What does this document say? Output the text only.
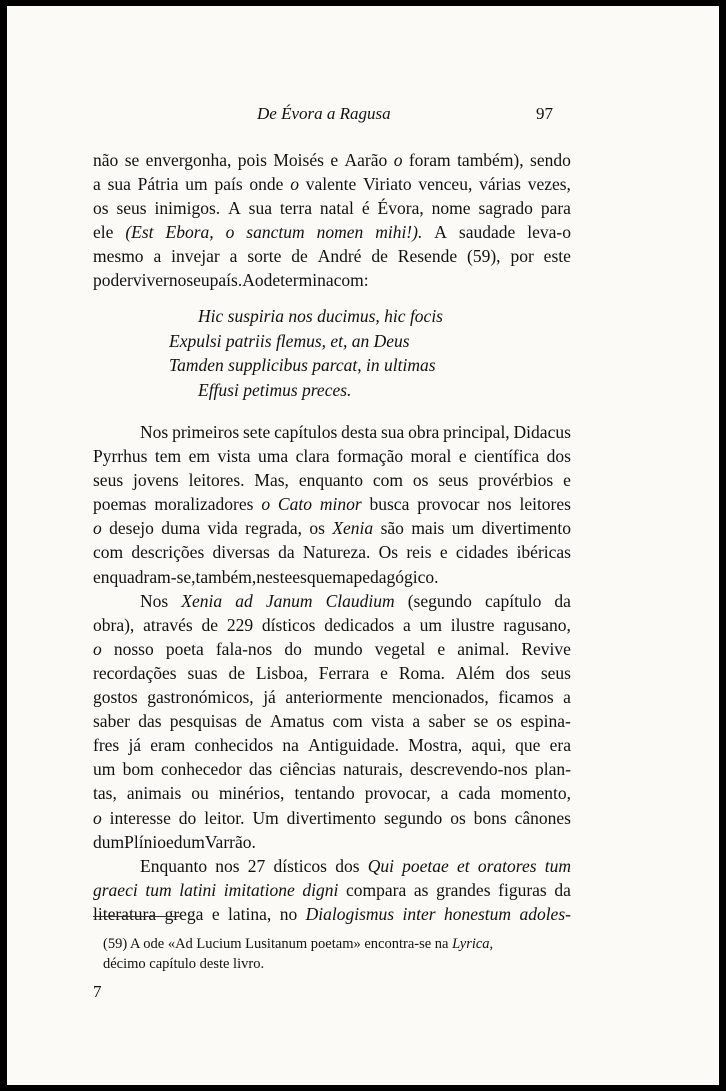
De Évora a Ragusa	97
não se envergonha, pois Moisés e Aarão o foram também), sendo
a sua Pátria um país onde o valente Viriato venceu, várias vezes,
os seus inimigos. A sua terra natal é Évora, nome sagrado para
ele (Est Ebora, o sanctum nomen mihi!). A saudade leva-o
mesmo a invejar a sorte de André de Resende (59), por este
poder viver no seu país. A ode termina com:
Hic suspiria nos ducimus, hic focis
Expulsi patriis flemus, et, an Deus
Tamden supplicibus parcat, in ultimas
Effusi petimus preces.
Nos primeiros sete capítulos desta sua obra principal, Didacus
Pyrrhus tem em vista uma clara formação moral e científica dos
seus jovens leitores. Mas, enquanto com os seus provérbios e
poemas moralizadores o Cato minor busca provocar nos leitores
o desejo duma vida regrada, os Xenia são mais um divertimento
com descrições diversas da Natureza. Os reis e cidades ibéricas
enquadram-se, também, neste esquema pedagógico.
Nos Xenia ad Janum Claudium (segundo capítulo da
obra), através de 229 dísticos dedicados a um ilustre ragusano,
o nosso poeta fala-nos do mundo vegetal e animal. Revive
recordações suas de Lisboa, Ferrara e Roma. Além dos seus
gostos gastronómicos, já anteriormente mencionados, ficamos a
saber das pesquisas de Amatus com vista a saber se os espina-
fres já eram conhecidos na Antiguidade. Mostra, aqui, que era
um bom conhecedor das ciências naturais, descrevendo-nos plan-
tas, animais ou minérios, tentando provocar, a cada momento,
o interesse do leitor. Um divertimento segundo os bons cânones
dum Plínio e dum Varrão.
Enquanto nos 27 dísticos dos Qui poetae et oratores tum
graeci tum latini imitatione digni compara as grandes figuras da
literatura grega e latina, no Dialogismus inter honestum adoles-
(59) A ode «Ad Lucium Lusitanum poetam» encontra-se na Lyrica,
décimo capítulo deste livro.
7
